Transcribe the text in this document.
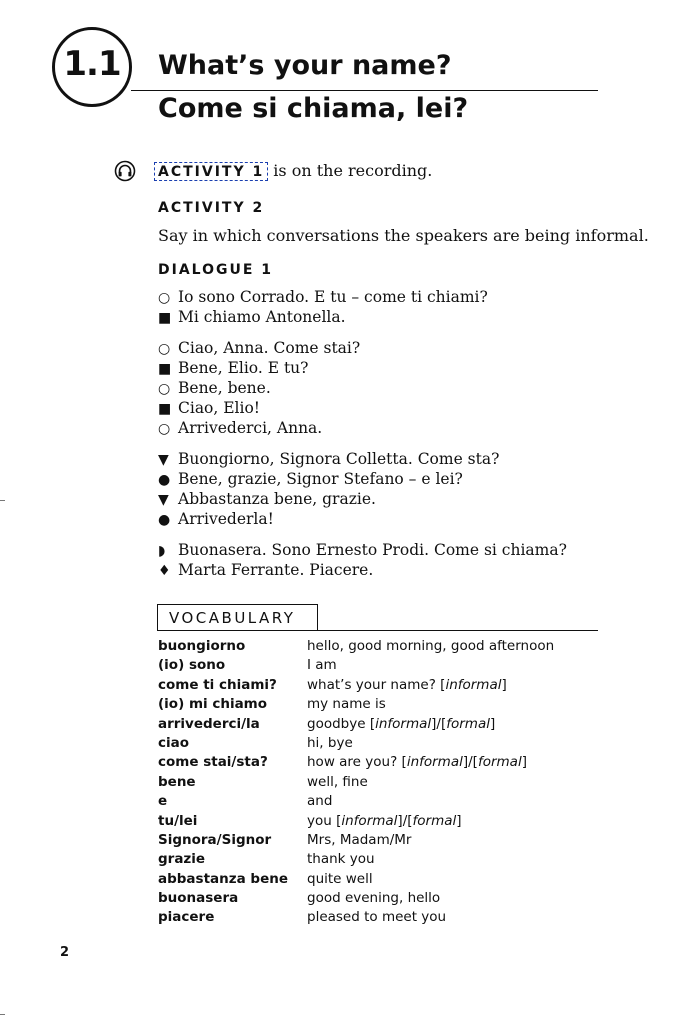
1.1 What’s your name?
Come si chiama, lei?
ACTIVITY 1 is on the recording.
ACTIVITY 2
Say in which conversations the speakers are being informal.
DIALOGUE 1
○ Io sono Corrado. E tu – come ti chiami?
■ Mi chiamo Antonella.
○ Ciao, Anna. Come stai?
■ Bene, Elio. E tu?
○ Bene, bene.
■ Ciao, Elio!
○ Arrivederci, Anna.
▼ Buongiorno, Signora Colletta. Come sta?
● Bene, grazie, Signor Stefano – e lei?
▼ Abbastanza bene, grazie.
● Arrivederla!
◗ Buonasera. Sono Ernesto Prodi. Come si chiama?
♦ Marta Ferrante. Piacere.
VOCABULARY
buongiorno	hello, good morning, good afternoon
(io) sono	I am
come ti chiami?	what’s your name? [informal]
(io) mi chiamo	my name is
arrivederci/la	goodbye [informal]/[formal]
ciao	hi, bye
come stai/sta?	how are you? [informal]/[formal]
bene	well, fine
e	and
tu/lei	you [informal]/[formal]
Signora/Signor	Mrs, Madam/Mr
grazie	thank you
abbastanza bene	quite well
buonasera	good evening, hello
piacere	pleased to meet you
2
